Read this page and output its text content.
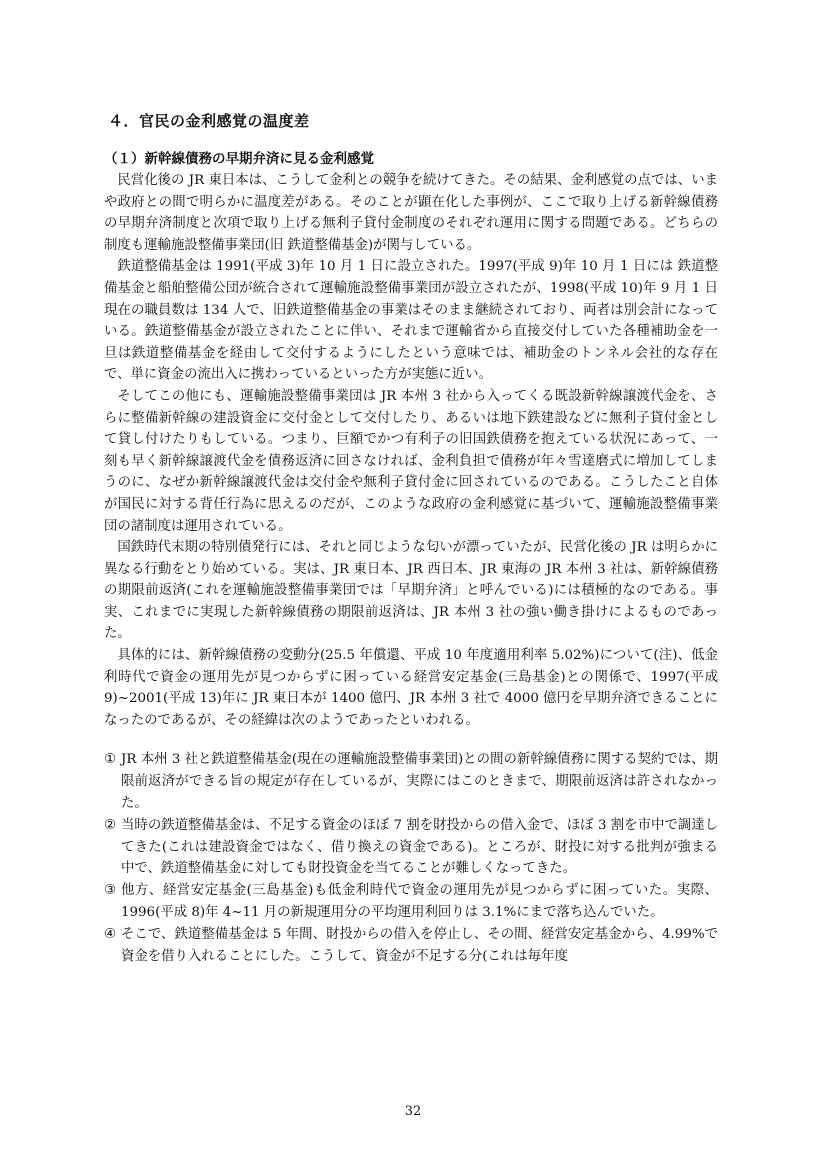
４．官民の金利感覚の温度差
（１）新幹線債務の早期弁済に見る金利感覚

民営化後の JR 東日本は、こうして金利との競争を続けてきた。その結果、金利感覚の点では、いまや政府との間で明らかに温度差がある。そのことが顕在化した事例が、ここで取り上げる新幹線債務の早期弁済制度と次項で取り上げる無利子貸付金制度のそれぞれ運用に関する問題である。どちらの制度も運輸施設整備事業団(旧 鉄道整備基金)が関与している。

鉄道整備基金は 1991(平成 3)年 10 月 1 日に設立された。1997(平成 9)年 10 月 1 日には 鉄道整備基金と船舶整備公団が統合されて運輸施設整備事業団が設立されたが、1998(平成 10)年 9 月 1 日現在の職員数は 134 人で、旧鉄道整備基金の事業はそのまま継続されており、両者は別会計になっている。鉄道整備基金が設立されたことに伴い、それまで運輸省から直接交付していた各種補助金を一旦は鉄道整備基金を経由して交付するようにしたという意味では、補助金のトンネル会社的な存在で、単に資金の流出入に携わっているといった方が実態に近い。

そしてこの他にも、運輸施設整備事業団は JR 本州 3 社から入ってくる既設新幹線譲渡代金を、さらに整備新幹線の建設資金に交付金として交付したり、あるいは地下鉄建設などに無利子貸付金として貸し付けたりもしている。つまり、巨額でかつ有利子の旧国鉄債務を抱えている状況にあって、一刻も早く新幹線譲渡代金を債務返済に回さなければ、金利負担で債務が年々雪達磨式に増加してしまうのに、なぜか新幹線譲渡代金は交付金や無利子貸付金に回されているのである。こうしたこと自体が国民に対する背任行為に思えるのだが、このような政府の金利感覚に基づいて、運輸施設整備事業団の諸制度は運用されている。

国鉄時代末期の特別債発行には、それと同じような匂いが漂っていたが、民営化後の JR は明らかに異なる行動をとり始めている。実は、JR 東日本、JR 西日本、JR 東海の JR 本州 3 社は、新幹線債務の期限前返済(これを運輸施設整備事業団では「早期弁済」と呼んでいる)には積極的なのである。事実、これまでに実現した新幹線債務の期限前返済は、JR 本州 3 社の強い働き掛けによるものであった。

具体的には、新幹線債務の変動分(25.5 年償還、平成 10 年度適用利率 5.02%)について(注)、低金利時代で資金の運用先が見つからずに困っている経営安定基金(三島基金)との関係で、1997(平成 9)~2001(平成 13)年に JR 東日本が 1400 億円、JR 本州 3 社で 4000 億円を早期弁済できることになったのであるが、その経緯は次のようであったといわれる。

① JR 本州 3 社と鉄道整備基金(現在の運輸施設整備事業団)との間の新幹線債務に関する契約では、期限前返済ができる旨の規定が存在しているが、実際にはこのときまで、期限前返済は許されなかった。
② 当時の鉄道整備基金は、不足する資金のほぼ 7 割を財投からの借入金で、ほぼ 3 割を市中で調達してきた(これは建設資金ではなく、借り換えの資金である)。ところが、財投に対する批判が強まる中で、鉄道整備基金に対しても財投資金を当てることが難しくなってきた。
③ 他方、経営安定基金(三島基金)も低金利時代で資金の運用先が見つからずに困っていた。実際、1996(平成 8)年 4~11 月の新規運用分の平均運用利回りは 3.1%にまで落ち込んでいた。
④ そこで、鉄道整備基金は 5 年間、財投からの借入を停止し、その間、経営安定基金から、4.99%で資金を借り入れることにした。こうして、資金が不足する分(これは毎年度
32
